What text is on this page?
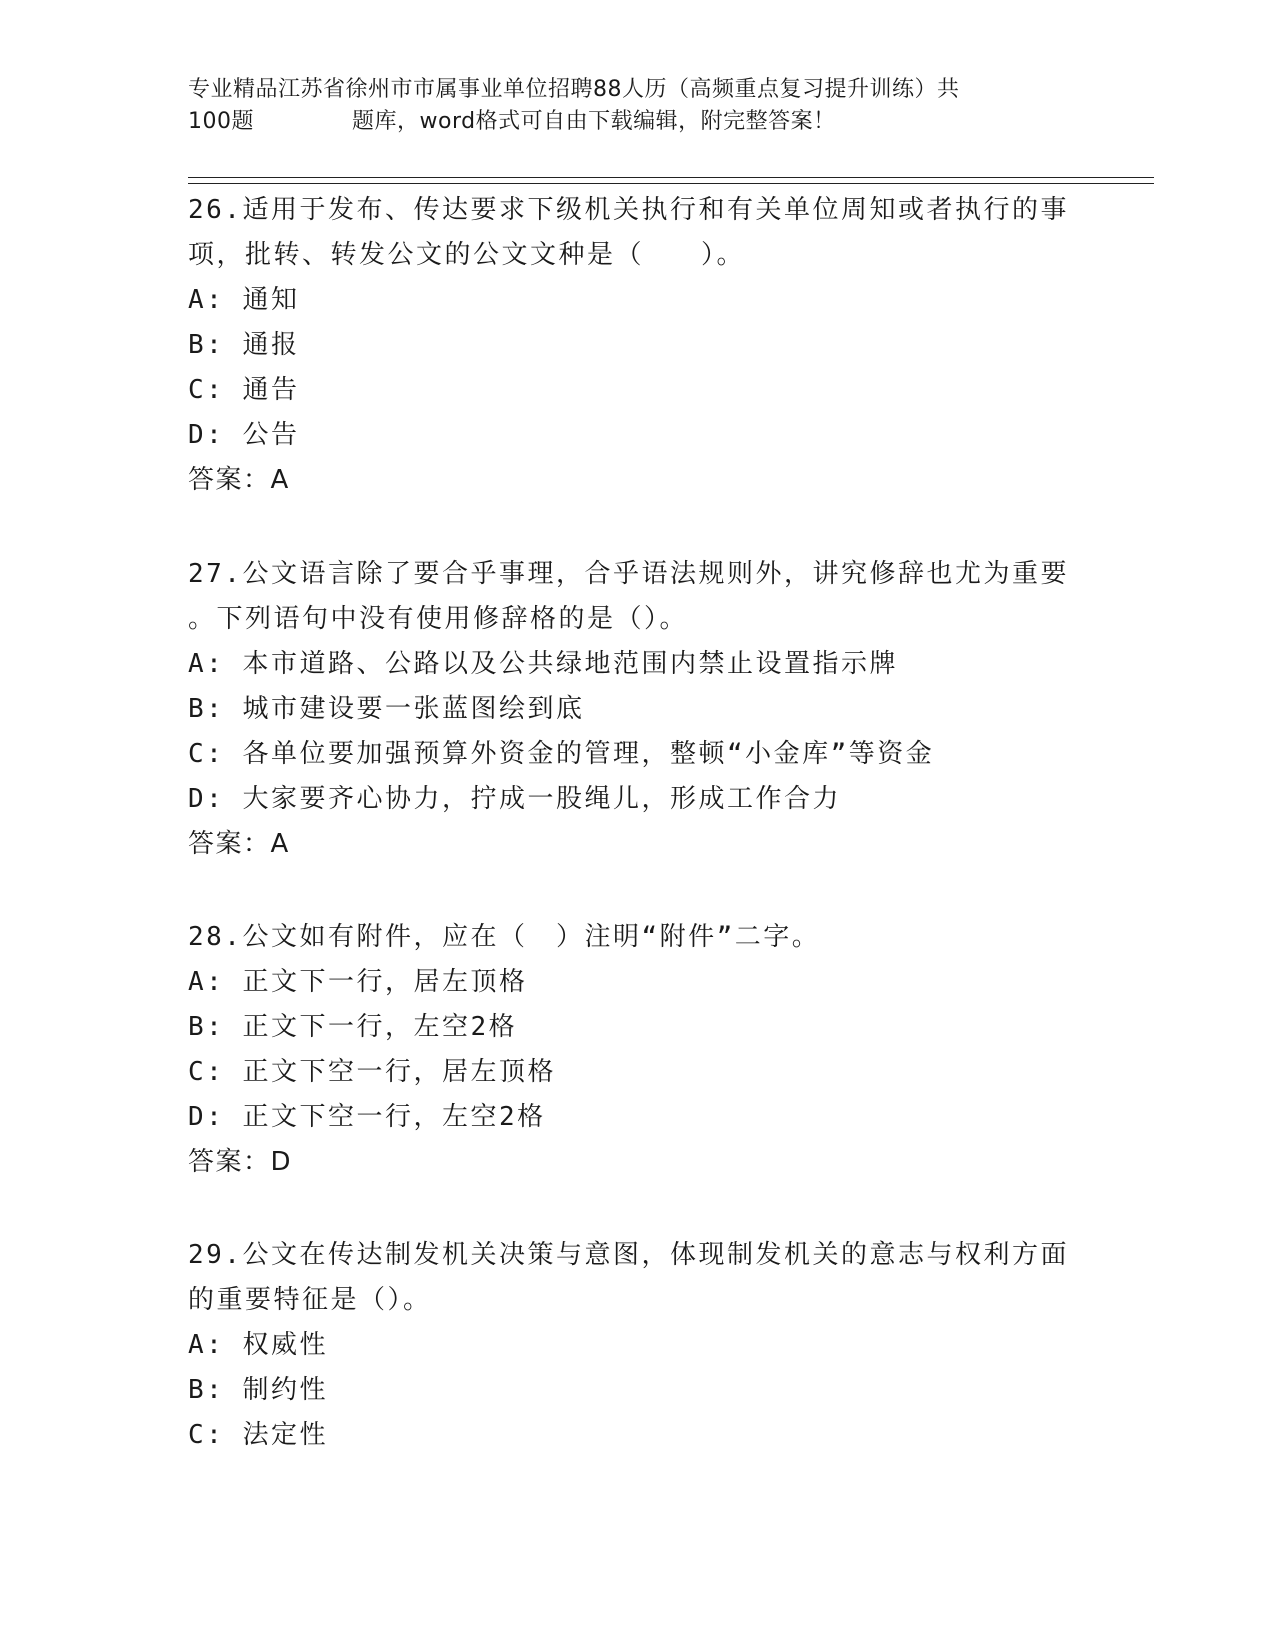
专业精品江苏省徐州市市属事业单位招聘88人历（高频重点复习提升训练）共
100题	题库，word格式可自由下载编辑，附完整答案！

26.适用于发布、传达要求下级机关执行和有关单位周知或者执行的事

项，批转、转发公文的公文文种是（　　）。

A: 通知

B: 通报

C: 通告

D: 公告

答案：A

27.公文语言除了要合乎事理，合乎语法规则外，讲究修辞也尤为重要

。下列语句中没有使用修辞格的是（）。

A: 本市道路、公路以及公共绿地范围内禁止设置指示牌

B: 城市建设要一张蓝图绘到底

C: 各单位要加强预算外资金的管理，整顿“小金库”等资金

D: 大家要齐心协力，拧成一股绳儿，形成工作合力

答案：A

28.公文如有附件，应在（　）注明“附件”二字。

A: 正文下一行，居左顶格

B: 正文下一行，左空2格

C: 正文下空一行，居左顶格

D: 正文下空一行，左空2格

答案：D

29.公文在传达制发机关决策与意图，体现制发机关的意志与权利方面

的重要特征是（）。

A: 权威性

B: 制约性

C: 法定性
